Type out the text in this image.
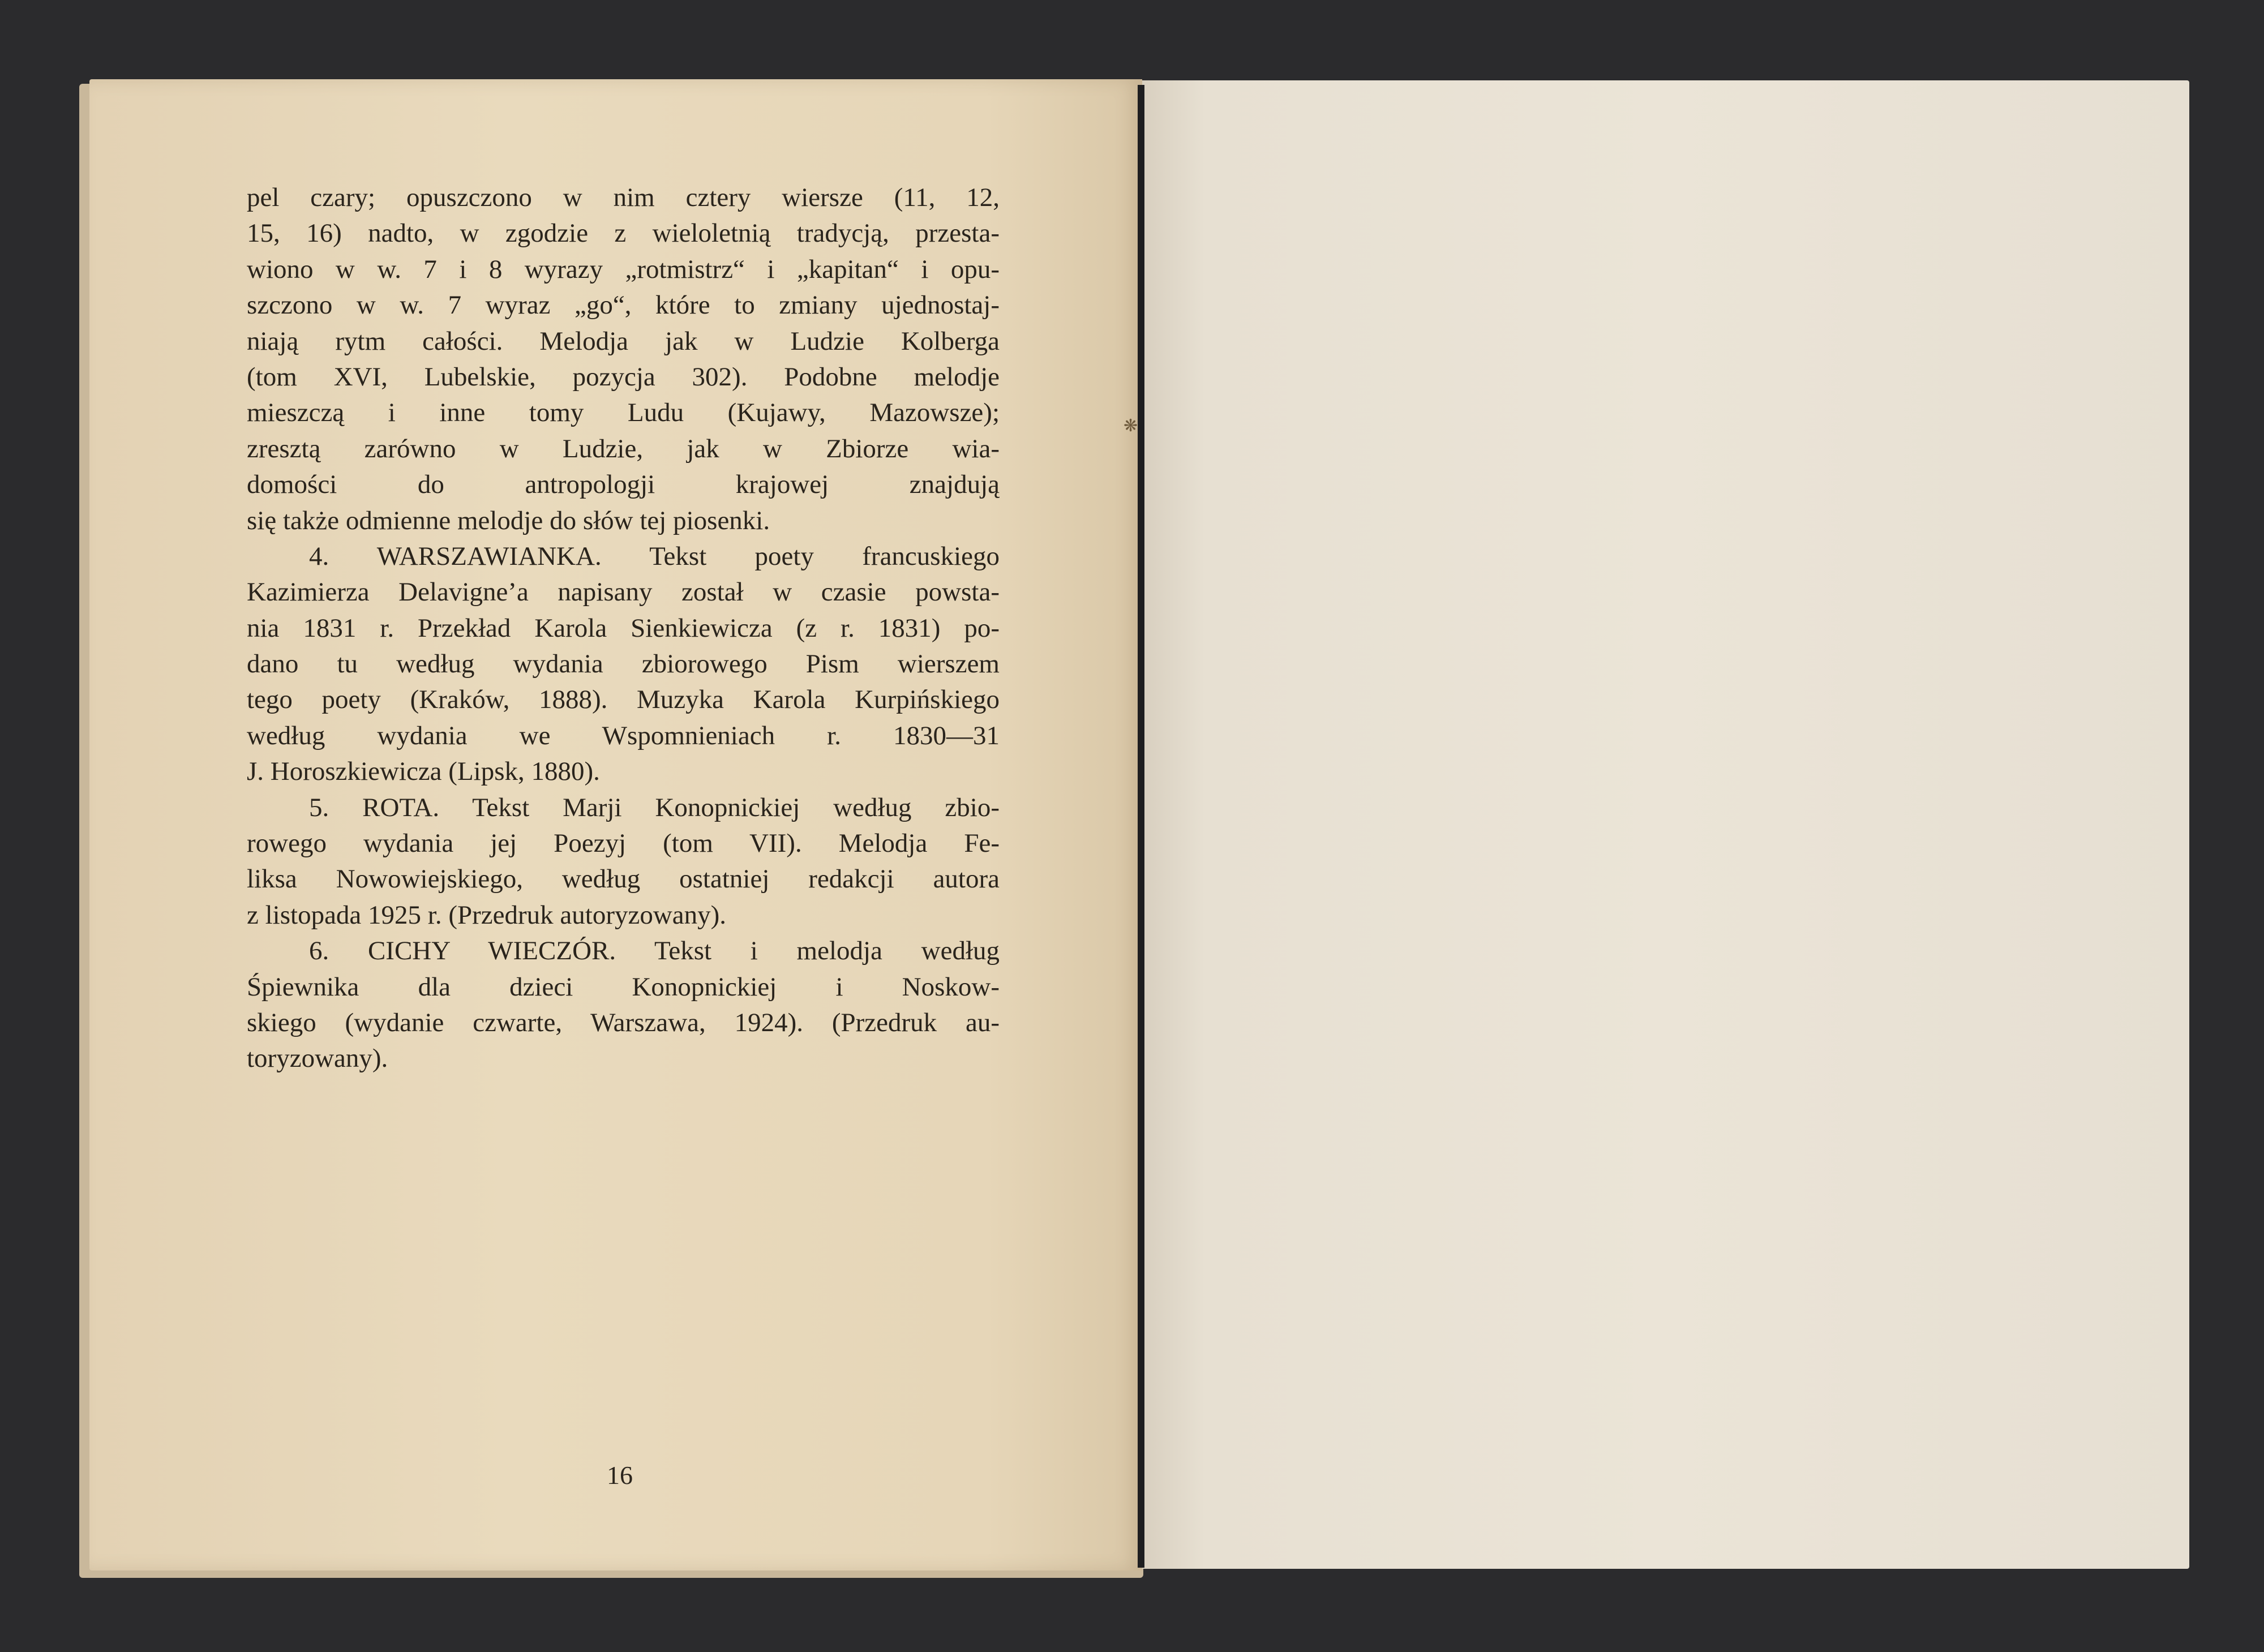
❋
pel czary; opuszczono w nim cztery wiersze (11, 12,
15, 16) nadto, w zgodzie z wieloletnią tradycją, przesta-
wiono w w. 7 i 8 wyrazy „rotmistrz“ i „kapitan“ i opu-
szczono w w. 7 wyraz „go“, które to zmiany ujednostaj-
niają rytm całości. Melodja jak w Ludzie Kolberga
(tom XVI, Lubelskie, pozycja 302). Podobne melodje
mieszczą i inne tomy Ludu (Kujawy, Mazowsze);
zresztą zarówno w Ludzie, jak w Zbiorze wia-
domości do antropologji krajowej znajdują
się także odmienne melodje do słów tej piosenki.
4. WARSZAWIANKA. Tekst poety francuskiego
Kazimierza Delavigne’a napisany został w czasie powsta-
nia 1831 r. Przekład Karola Sienkiewicza (z r. 1831) po-
dano tu według wydania zbiorowego Pism wierszem
tego poety (Kraków, 1888). Muzyka Karola Kurpińskiego
według wydania we Wspomnieniach r. 1830—31
J. Horoszkiewicza (Lipsk, 1880).
5. ROTA. Tekst Marji Konopnickiej według zbio-
rowego wydania jej Poezyj (tom VII). Melodja Fe-
liksa Nowowiejskiego, według ostatniej redakcji autora
z listopada 1925 r. (Przedruk autoryzowany).
6. CICHY WIECZÓR. Tekst i melodja według
Śpiewnika dla dzieci Konopnickiej i Noskow-
skiego (wydanie czwarte, Warszawa, 1924). (Przedruk au-
toryzowany).
16
